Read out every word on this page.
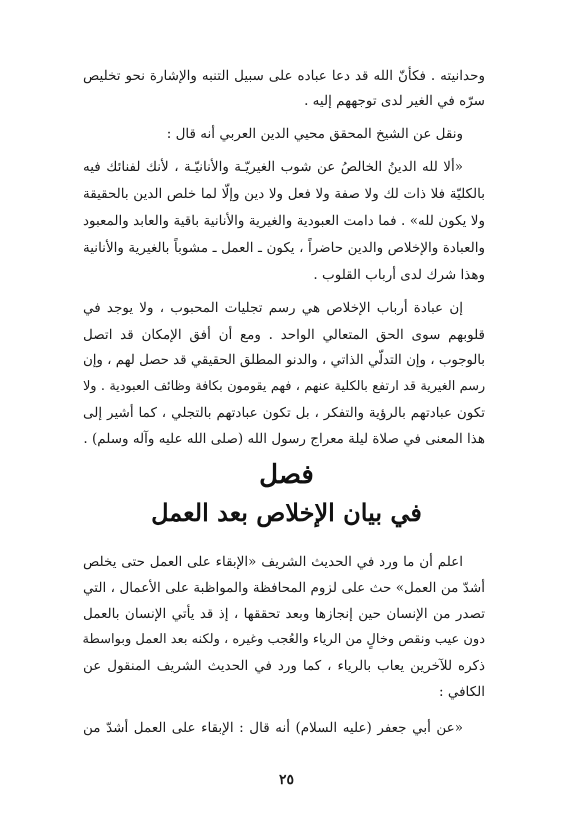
وحدانيته . فكأنّ الله قد دعا عباده على سبيل التنبه والإشارة نحو تخليص
سرّه في الغير لدى توجههم إليه .
ونقل عن الشيخ المحقق محيي الدين العربي أنه قال :
«ألا لله الدينُ الخالصُ عن شوب الغيريّـة والأنانيّـة ، لأنك لفنائك فيه
بالكليّة فلا ذات لك ولا صفة ولا فعل ولا دين وإلّا لما خلص الدين بالحقيقة
ولا يكون لله» . فما دامت العبودية والغيرية والأنانية باقية والعابد والمعبود
والعبادة والإخلاص والدين حاضراً ، يكون ـ العمل ـ مشوباً بالغيرية والأنانية
وهذا شرك لدى أرباب القلوب .
إن عبادة أرباب الإخلاص هي رسم تجليات المحبوب ، ولا يوجد في
قلوبهم سوى الحق المتعالي الواحد . ومع أن أفق الإمكان قد اتصل
بالوجوب ، وإن التدلّي الذاتي ، والدنو المطلق الحقيقي قد حصل لهم ، وإن
رسم الغيرية قد ارتفع بالكلية عنهم ، فهم يقومون بكافة وظائف العبودية . ولا
تكون عبادتهم بالرؤية والتفكر ، بل تكون عبادتهم بالتجلي ، كما أشير إلى
هذا المعنى في صلاة ليلة معراج رسول الله (صلى الله عليه وآله وسلم) .
فصل
في بيان الإخلاص بعد العمل
اعلم أن ما ورد في الحديث الشريف «الإبقاء على العمل حتى يخلص
أشدّ من العمل» حث على لزوم المحافظة والمواظبة على الأعمال ، التي
تصدر من الإنسان حين إنجازها وبعد تحققها ، إذ قد يأتي الإنسان بالعمل
دون عيب ونقص وخالٍ من الرياء والعُجب وغيره ، ولكنه بعد العمل وبواسطة
ذكره للآخرين يعاب بالرياء ، كما ورد في الحديث الشريف المنقول عن
الكافي :
«عن أبي جعفر (عليه السلام) أنه قال : الإبقاء على العمل أشدّ من
٢٥
